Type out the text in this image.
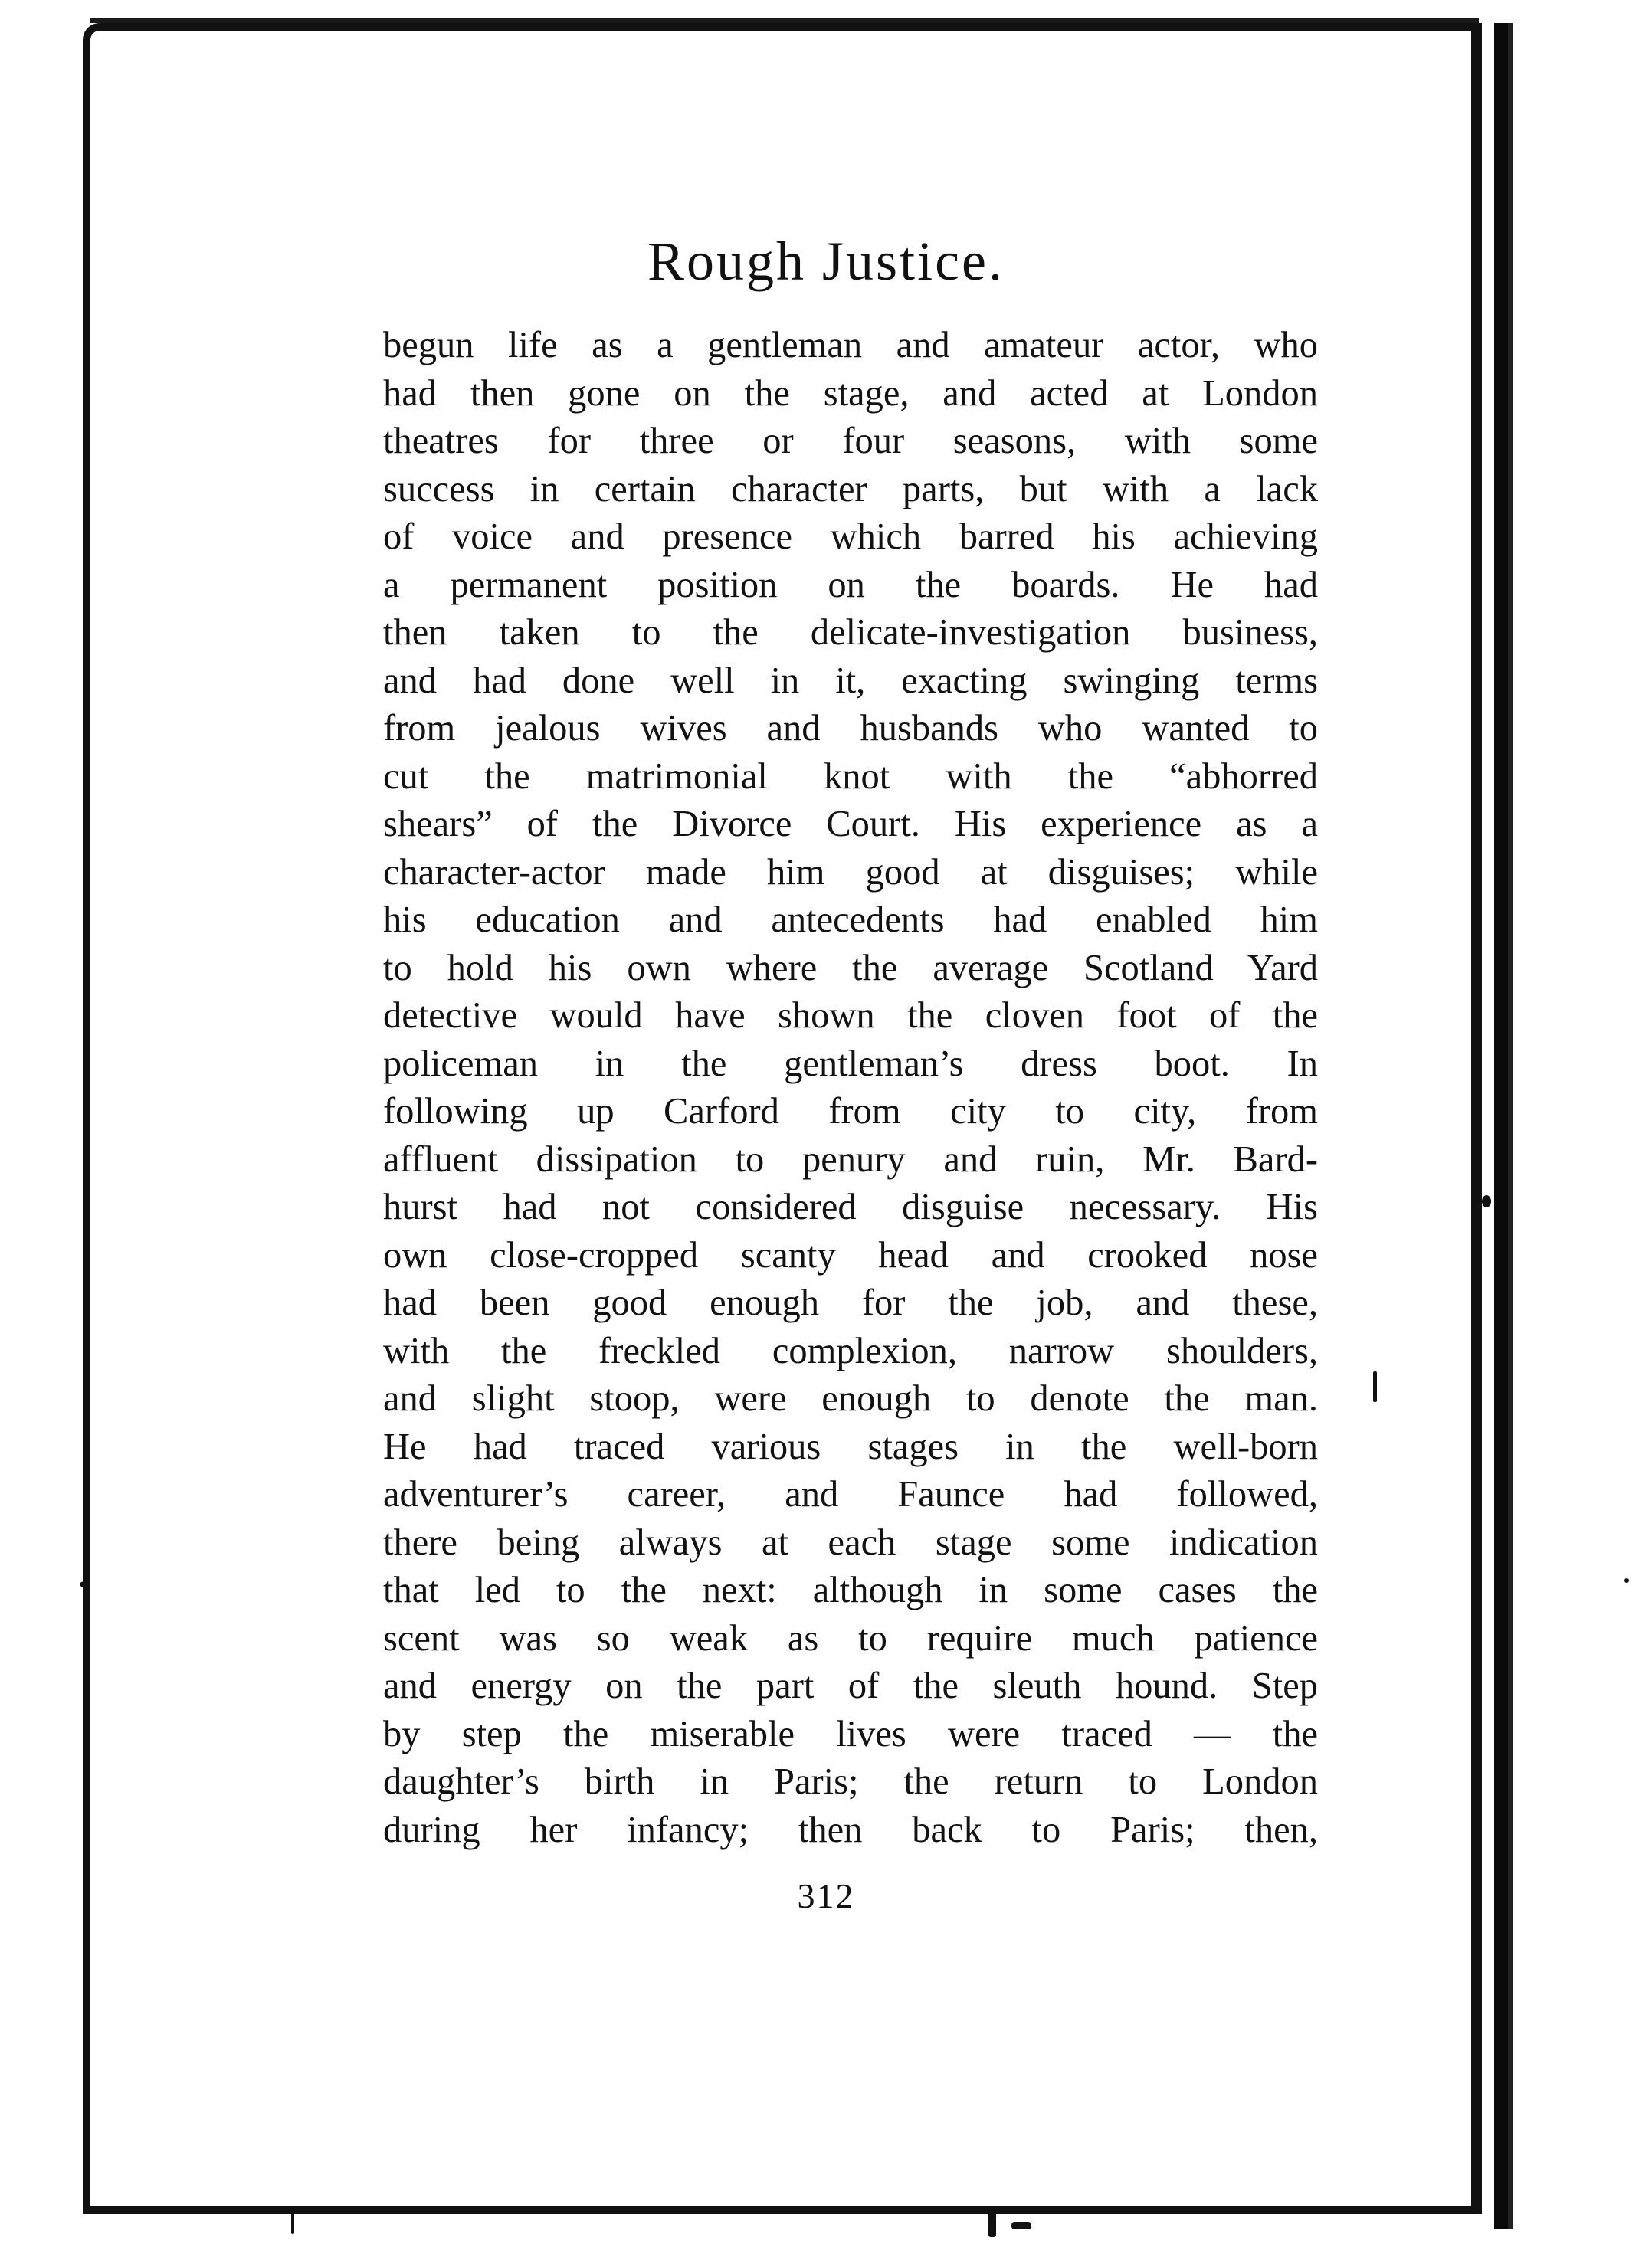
Rough Justice.
begun life as a gentleman and amateur actor, who
had then gone on the stage, and acted at London
theatres for three or four seasons, with some
success in certain character parts, but with a lack
of voice and presence which barred his achieving
a permanent position on the boards. He had
then taken to the delicate-investigation business,
and had done well in it, exacting swinging terms
from jealous wives and husbands who wanted to
cut the matrimonial knot with the “abhorred
shears” of the Divorce Court. His experience as a
character-actor made him good at disguises; while
his education and antecedents had enabled him
to hold his own where the average Scotland Yard
detective would have shown the cloven foot of the
policeman in the gentleman’s dress boot. In
following up Carford from city to city, from
affluent dissipation to penury and ruin, Mr. Bard-
hurst had not considered disguise necessary. His
own close-cropped scanty head and crooked nose
had been good enough for the job, and these,
with the freckled complexion, narrow shoulders,
and slight stoop, were enough to denote the man.
He had traced various stages in the well-born
adventurer’s career, and Faunce had followed,
there being always at each stage some indication
that led to the next: although in some cases the
scent was so weak as to require much patience
and energy on the part of the sleuth hound. Step
by step the miserable lives were traced — the
daughter’s birth in Paris; the return to London
during her infancy; then back to Paris; then,
312
